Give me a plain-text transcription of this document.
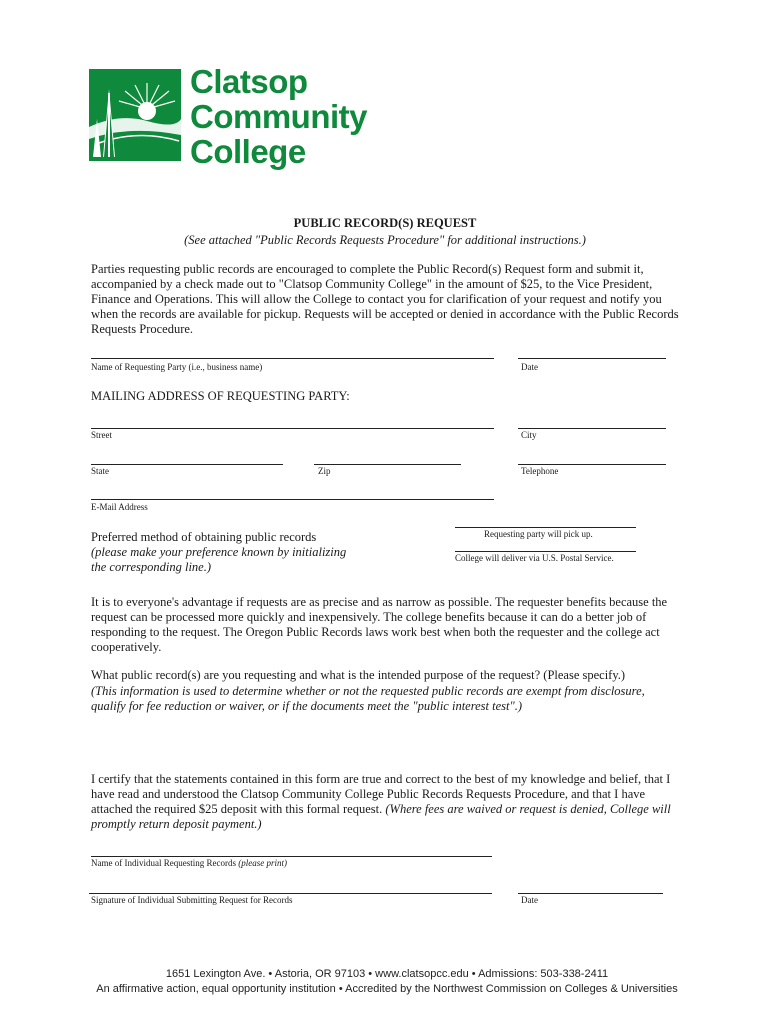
Clatsop
Community
College
PUBLIC RECORD(S) REQUEST
(See attached "Public Records Requests Procedure" for additional instructions.)
Parties requesting public records are encouraged to complete the Public Record(s) Request form and submit it, accompanied by a check made out to "Clatsop Community College" in the amount of $25, to the Vice President, Finance and Operations. This will allow the College to contact you for clarification of your request and notify you when the records are available for pickup. Requests will be accepted or denied in accordance with the Public Records Requests Procedure.
Name of Requesting Party (i.e., business name)	Date
MAILING ADDRESS OF REQUESTING PARTY:
Street	City
State	Zip	Telephone
E-Mail Address
Preferred method of obtaining public records
(please make your preference known by initializing
the corresponding line.)
Requesting party will pick up.
College will deliver via U.S. Postal Service.
It is to everyone's advantage if requests are as precise and as narrow as possible. The requester benefits because the request can be processed more quickly and inexpensively. The college benefits because it can do a better job of responding to the request. The Oregon Public Records laws work best when both the requester and the college act cooperatively.
What public record(s) are you requesting and what is the intended purpose of the request? (Please specify.)
(This information is used to determine whether or not the requested public records are exempt from disclosure, qualify for fee reduction or waiver, or if the documents meet the "public interest test".)
I certify that the statements contained in this form are true and correct to the best of my knowledge and belief, that I have read and understood the Clatsop Community College Public Records Requests Procedure, and that I have attached the required $25 deposit with this formal request. (Where fees are waived or request is denied, College will promptly return deposit payment.)
Name of Individual Requesting Records (please print)
Signature of Individual Submitting Request for Records	Date
1651 Lexington Ave. • Astoria, OR 97103 • www.clatsopcc.edu • Admissions: 503-338-2411
An affirmative action, equal opportunity institution • Accredited by the Northwest Commission on Colleges & Universities
